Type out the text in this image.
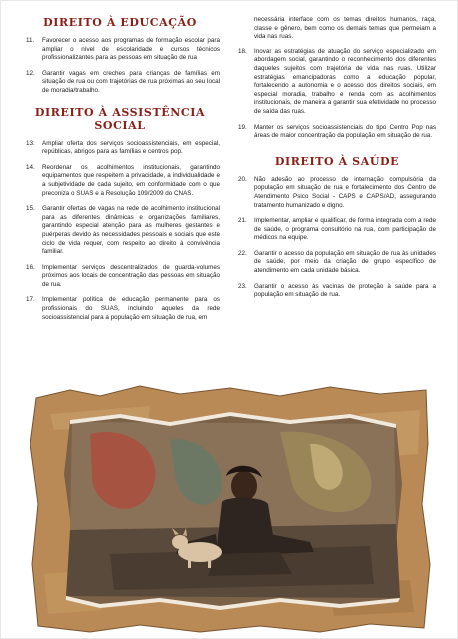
DIREITO À EDUCAÇÃO
11.	Favorecer o acesso aos programas de formação escolar para ampliar o nível de escolaridade e cursos técnicos profissionalizantes para as pessoas em situação de rua
12.	Garantir vagas em creches para crianças de famílias em situação de rua ou com trajetórias de rua próximas ao seu local de moradia/trabalho.
DIREITO À ASSISTÊNCIA SOCIAL
13.	Ampliar oferta dos serviços socioassistenciais, em especial, repúblicas, abrigos para as famílias e centros pop.
14.	Reordenar os acolhimentos institucionais, garantindo equipamentos que respeitem a privacidade, a individualidade e a subjetividade de cada sujeito, em conformidade com o que preconiza o SUAS e a Resolução 109/2009 do CNAS.
15.	Garantir ofertas de vagas na rede de acolhimento institucional para as diferentes dinâmicas e organizações familiares, garantindo especial atenção para as mulheres gestantes e puérperas devido às necessidades pessoais e sociais que este ciclo de vida requer, com respeito ao direito à convivência familiar.
16.	Implementar serviços descentralizados de guarda-volumes próximos aos locais de concentração das pessoas em situação de rua.
17.	Implementar política de educação permanente para os profissionais do SUAS, incluindo aqueles da rede socioassistencial para a população em situação de rua, em
necessária interface com os temas direitos humanos, raça, classe e gênero, bem como os demais temas que permeiam a vida nas ruas.
18.	Inovar as estratégias de atuação do serviço especializado em abordagem social, garantindo o reconhecimento dos diferentes daqueles sujeitos com trajetória de vida nas ruas. Utilizar estratégias emancipadoras como a educação popular, fortalecendo a autonomia e o acesso dos direitos sociais, em especial moradia, trabalho e renda com as acolhimentos institucionais, de maneira a garantir sua efetividade no processo de saída das ruas.
19.	Manter os serviços socioassistenciais do tipo Centro Pop nas áreas de maior concentração da população em situação de rua.
DIREITO À SAÚDE
20.	Não adesão ao processo de internação compulsória da população em situação de rua e fortalecimento dos Centro de Atendimento Psico Social - CAPS e CAPS/AD, assegurando tratamento humanizado e digno.
21.	Implementar, ampliar e qualificar, de forma integrada com a rede de saúde, o programa consultório na rua, com participação de médicos na equipe.
22.	Garantir o acesso da população em situação de rua às unidades de saúde, por meio da criação de grupo específico de atendimento em cada unidade básica.
23.	Garantir o acesso às vacinas de proteção à saúde para a população em situação de rua.
